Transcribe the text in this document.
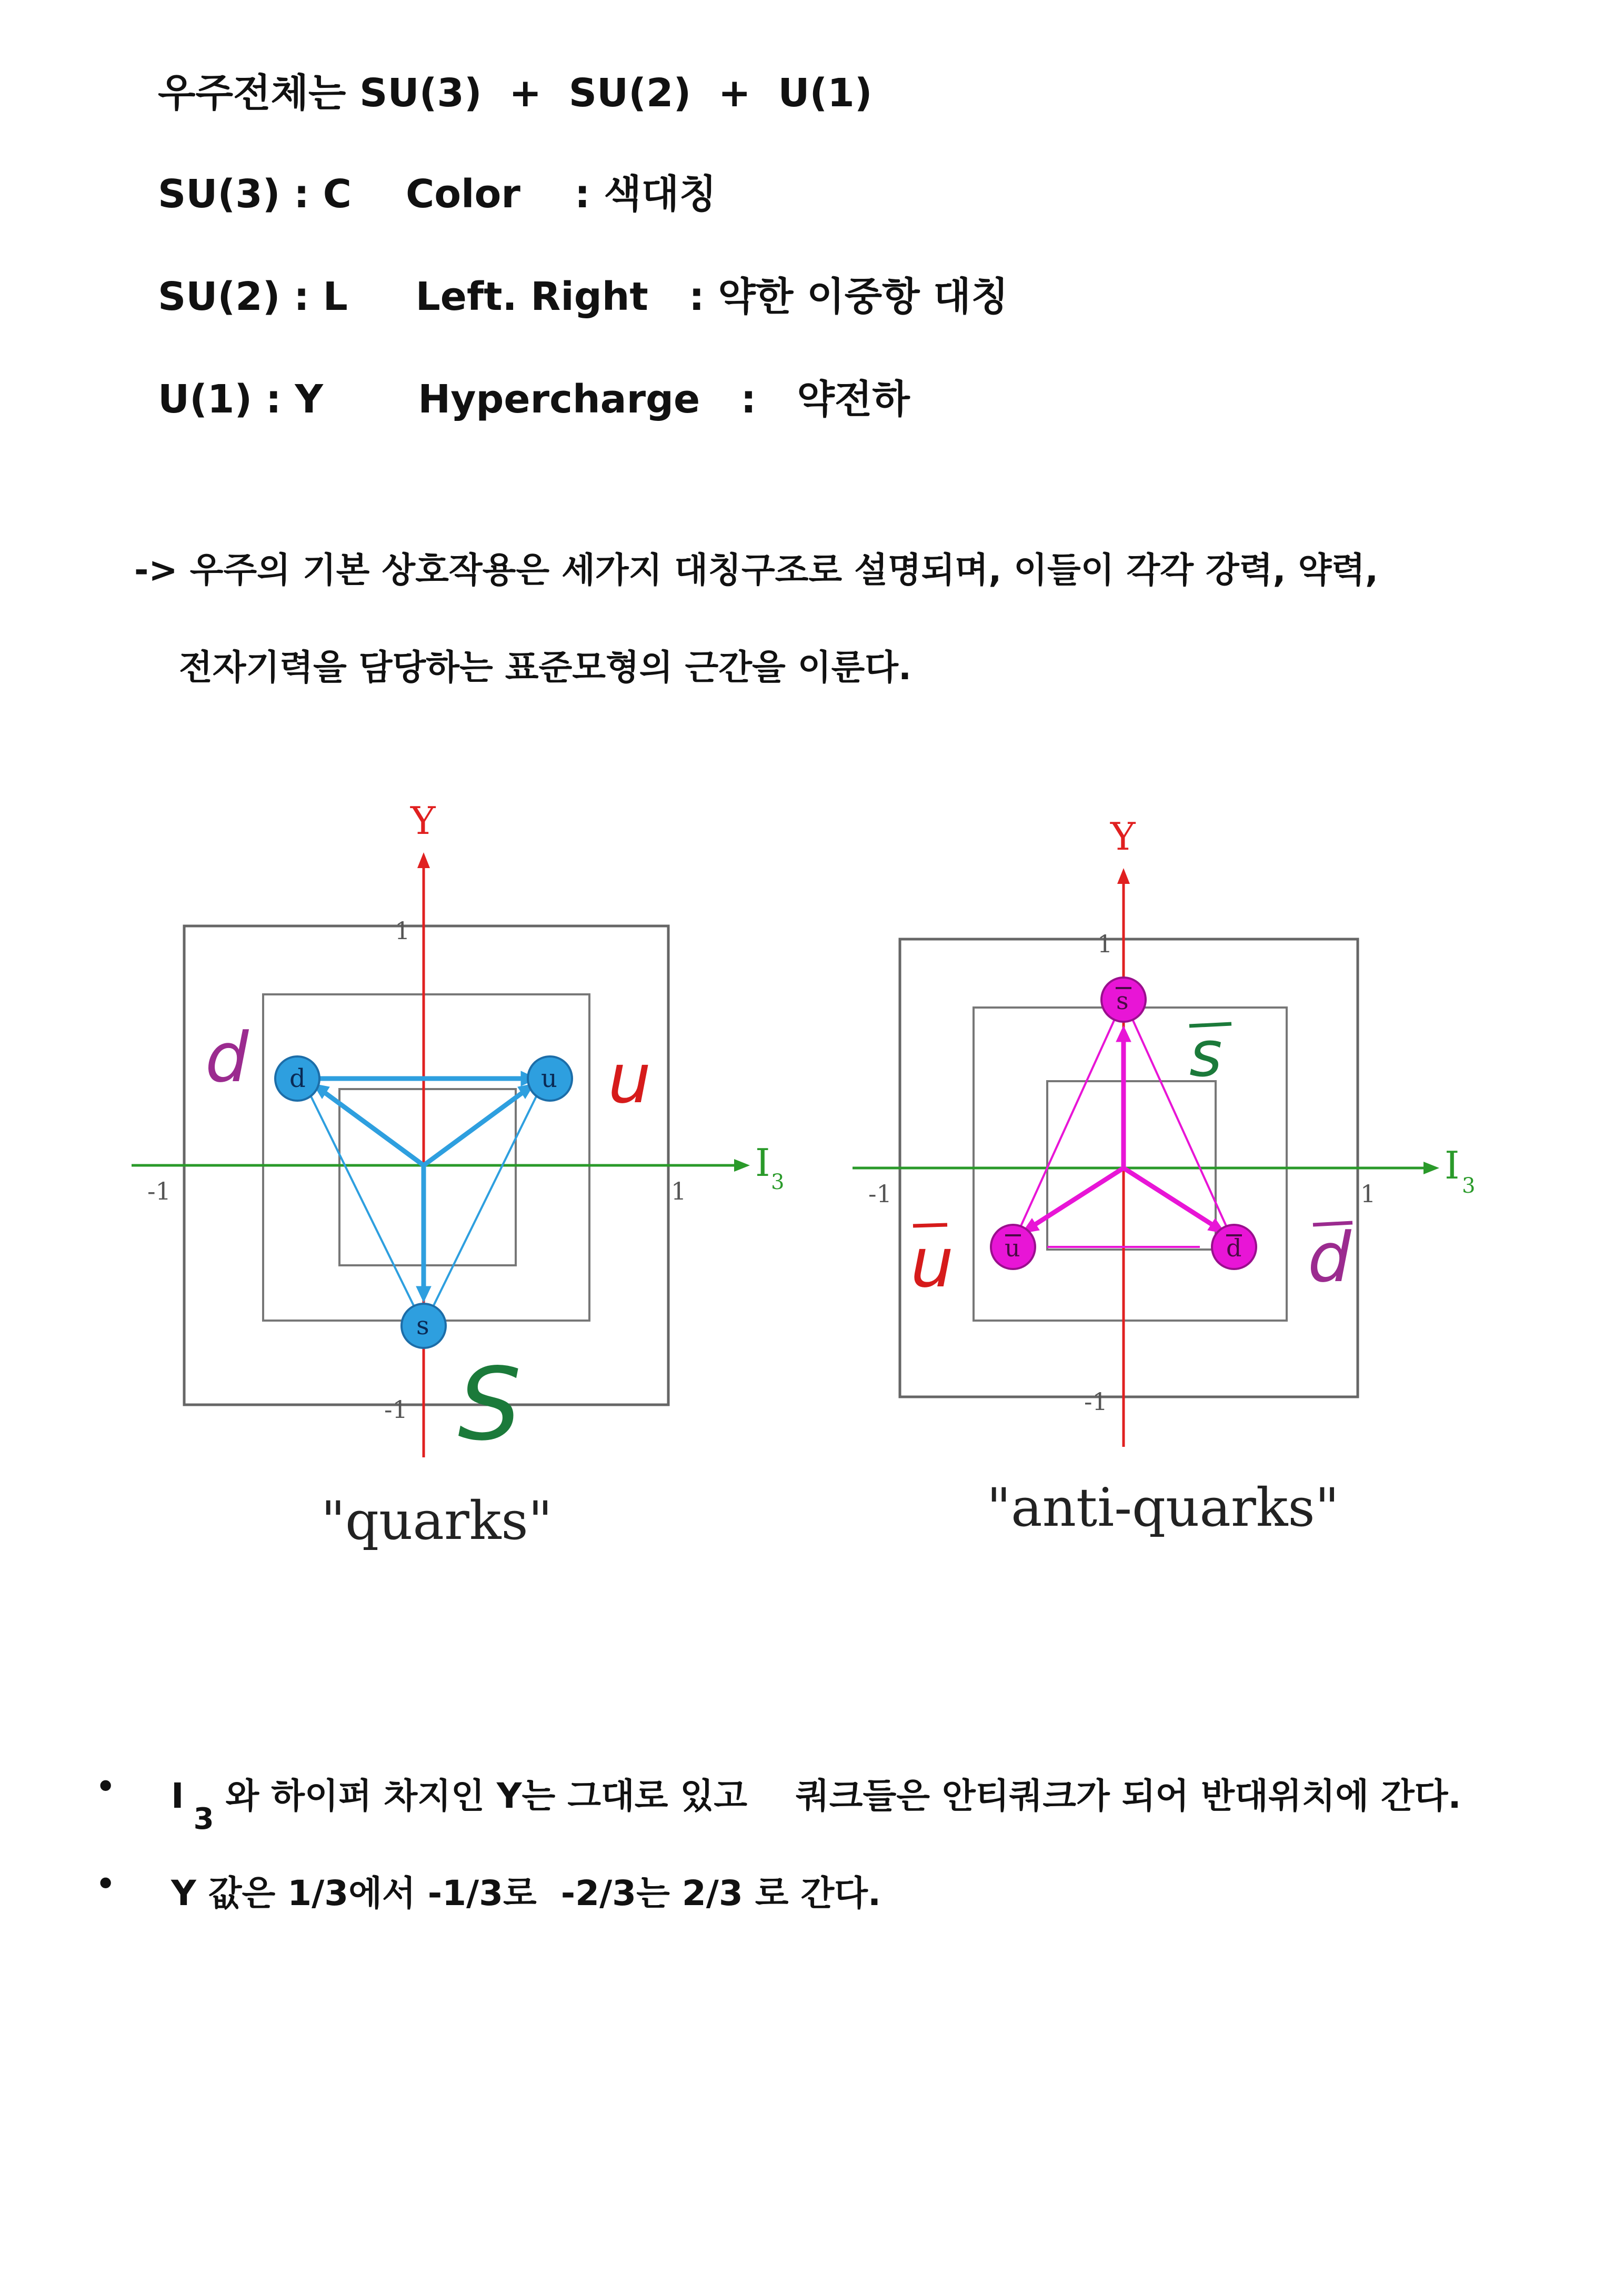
우주전체는 SU(3)  +  SU(2)  +  U(1)
SU(3) : C    Color    : 색대칭
SU(2) : L     Left. Right   : 약한 이중항 대칭
U(1) : Y       Hypercharge   :   약전하
-> 우주의 기본 상호작용은 세가지 대칭구조로 설명되며, 이들이 각각 강력, 약력,
전자기력을 담당하는 표준모형의 근간을 이룬다.
Y
I 3
-1	1
1
-1
d	u
s
d	u
S
"quarks"
Y
I 3
-1	1
1
-1
s
u	d
s
u	d
"anti-quarks"
• $I_3$와 하이퍼 차지인 Y는 그대로 있고    쿼크들은 안티쿼크가 되어 반대위치에 간다.
• Y 값은 1/3에서 -1/3로  -2/3는 2/3 로 간다.
